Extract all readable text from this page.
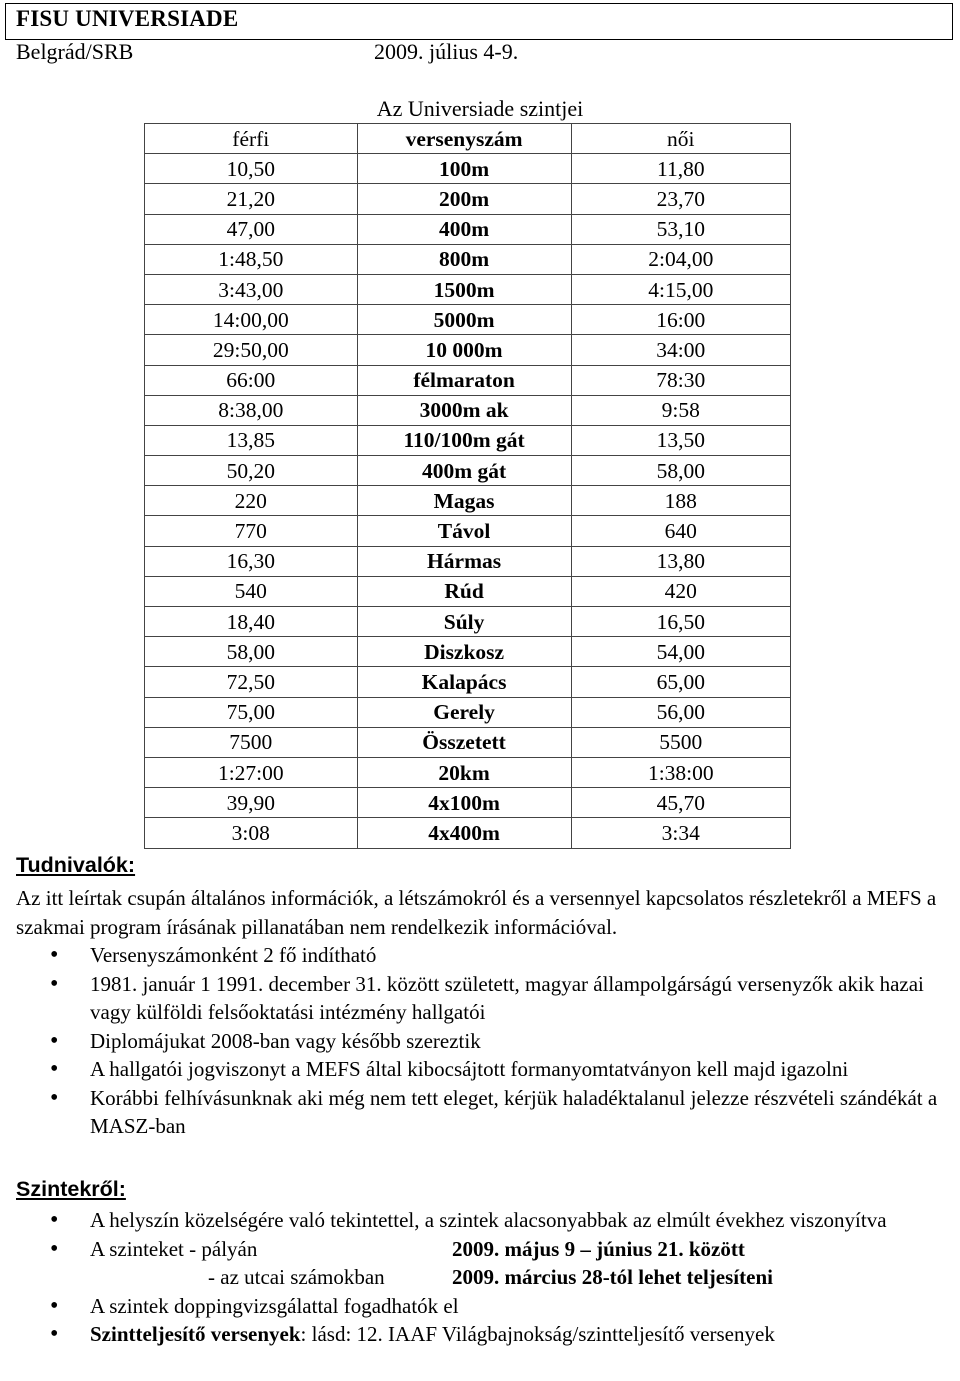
FISU UNIVERSIADE
Belgrád/SRB	2009. július 4-9.
Az Universiade szintjei
férfi	versenyszám	női
10,50	100m	11,80
21,20	200m	23,70
47,00	400m	53,10
1:48,50	800m	2:04,00
3:43,00	1500m	4:15,00
14:00,00	5000m	16:00
29:50,00	10 000m	34:00
66:00	félmaraton	78:30
8:38,00	3000m ak	9:58
13,85	110/100m gát	13,50
50,20	400m gát	58,00
220	Magas	188
770	Távol	640
16,30	Hármas	13,80
540	Rúd	420
18,40	Súly	16,50
58,00	Diszkosz	54,00
72,50	Kalapács	65,00
75,00	Gerely	56,00
7500	Összetett	5500
1:27:00	20km	1:38:00
39,90	4x100m	45,70
3:08	4x400m	3:34
Tudnivalók:
Az itt leírtak csupán általános információk, a létszámokról és a versennyel kapcsolatos részletekről a MEFS a szakmai program írásának pillanatában nem rendelkezik információval.
• Versenyszámonként 2 fő indítható
• 1981. január 1 1991. december 31. között született, magyar állampolgárságú versenyzők akik hazai vagy külföldi felsőoktatási intézmény hallgatói
• Diplomájukat 2008-ban vagy később szereztik
• A hallgatói jogviszonyt a MEFS által kibocsájtott formanyomtatványon kell majd igazolni
• Korábbi felhívásunknak aki még nem tett eleget, kérjük haladéktalanul jelezze részvételi szándékát a MASZ-ban
Szintekről:
• A helyszín közelségére való tekintettel, a szintek alacsonyabbak az elmúlt évekhez viszonyítva
• A szinteket - pályán	2009. május 9 – június 21. között
- az utcai számokban	2009. március 28-tól lehet teljesíteni
• A szintek doppingvizsgálattal fogadhatók el
• Szintteljesítő versenyek: lásd: 12. IAAF Világbajnokság/szintteljesítő versenyek
